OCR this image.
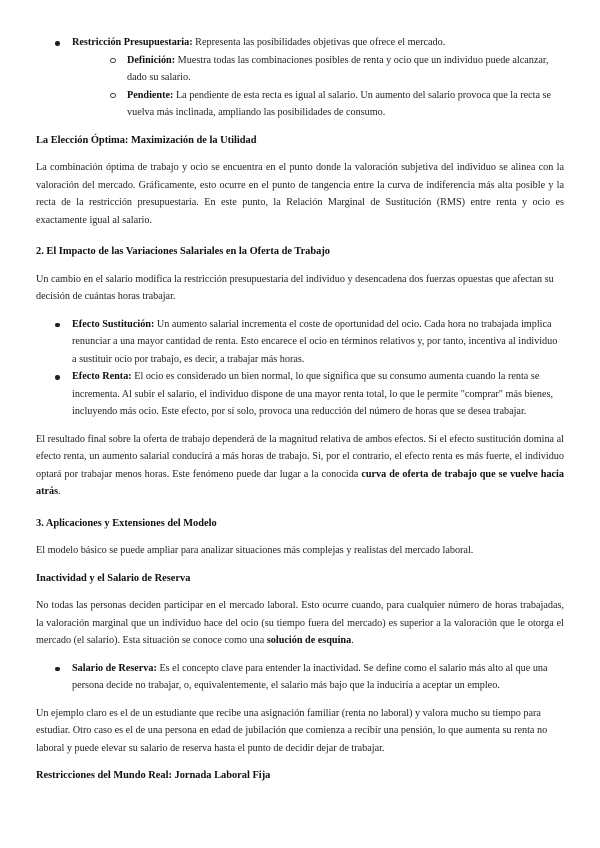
Restricción Presupuestaria: Representa las posibilidades objetivas que ofrece el mercado.
Definición: Muestra todas las combinaciones posibles de renta y ocio que un individuo puede alcanzar, dado su salario.
Pendiente: La pendiente de esta recta es igual al salario. Un aumento del salario provoca que la recta se vuelva más inclinada, ampliando las posibilidades de consumo.
La Elección Óptima: Maximización de la Utilidad

La combinación óptima de trabajo y ocio se encuentra en el punto donde la valoración subjetiva del individuo se alinea con la valoración del mercado. Gráficamente, esto ocurre en el punto de tangencia entre la curva de indiferencia más alta posible y la recta de la restricción presupuestaria. En este punto, la Relación Marginal de Sustitución (RMS) entre renta y ocio es exactamente igual al salario.

2. El Impacto de las Variaciones Salariales en la Oferta de Trabajo

Un cambio en el salario modifica la restricción presupuestaria del individuo y desencadena dos fuerzas opuestas que afectan su decisión de cuántas horas trabajar.

Efecto Sustitución: Un aumento salarial incrementa el coste de oportunidad del ocio. Cada hora no trabajada implica renunciar a una mayor cantidad de renta. Esto encarece el ocio en términos relativos y, por tanto, incentiva al individuo a sustituir ocio por trabajo, es decir, a trabajar más horas.
Efecto Renta: El ocio es considerado un bien normal, lo que significa que su consumo aumenta cuando la renta se incrementa. Al subir el salario, el individuo dispone de una mayor renta total, lo que le permite "comprar" más bienes, incluyendo más ocio. Este efecto, por sí solo, provoca una reducción del número de horas que se desea trabajar.

El resultado final sobre la oferta de trabajo dependerá de la magnitud relativa de ambos efectos. Si el efecto sustitución domina al efecto renta, un aumento salarial conducirá a más horas de trabajo. Si, por el contrario, el efecto renta es más fuerte, el individuo optará por trabajar menos horas. Este fenómeno puede dar lugar a la conocida curva de oferta de trabajo que se vuelve hacia atrás.

3. Aplicaciones y Extensiones del Modelo

El modelo básico se puede ampliar para analizar situaciones más complejas y realistas del mercado laboral.

Inactividad y el Salario de Reserva

No todas las personas deciden participar en el mercado laboral. Esto ocurre cuando, para cualquier número de horas trabajadas, la valoración marginal que un individuo hace del ocio (su tiempo fuera del mercado) es superior a la valoración que le otorga el mercado (el salario). Esta situación se conoce como una solución de esquina.

Salario de Reserva: Es el concepto clave para entender la inactividad. Se define como el salario más alto al que una persona decide no trabajar, o, equivalentemente, el salario más bajo que la induciría a aceptar un empleo.

Un ejemplo claro es el de un estudiante que recibe una asignación familiar (renta no laboral) y valora mucho su tiempo para estudiar. Otro caso es el de una persona en edad de jubilación que comienza a recibir una pensión, lo que aumenta su renta no laboral y puede elevar su salario de reserva hasta el punto de decidir dejar de trabajar.

Restricciones del Mundo Real: Jornada Laboral Fija
